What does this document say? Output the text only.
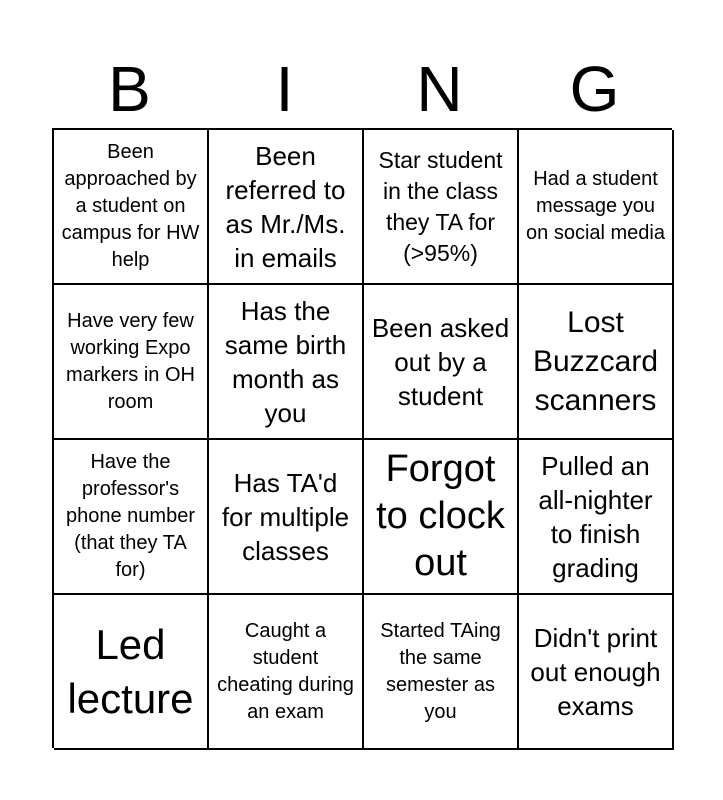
B	I	N	G
Been approached by a student on campus for HW help
Been referred to as Mr./Ms. in emails
Star student in the class they TA for (>95%)
Had a student message you on social media
Have very few working Expo markers in OH room
Has the same birth month as you
Been asked out by a student
Lost Buzzcard scanners
Have the professor's phone number (that they TA for)
Has TA'd for multiple classes
Forgot to clock out
Pulled an all-nighter to finish grading
Led lecture
Caught a student cheating during an exam
Started TAing the same semester as you
Didn't print out enough exams
